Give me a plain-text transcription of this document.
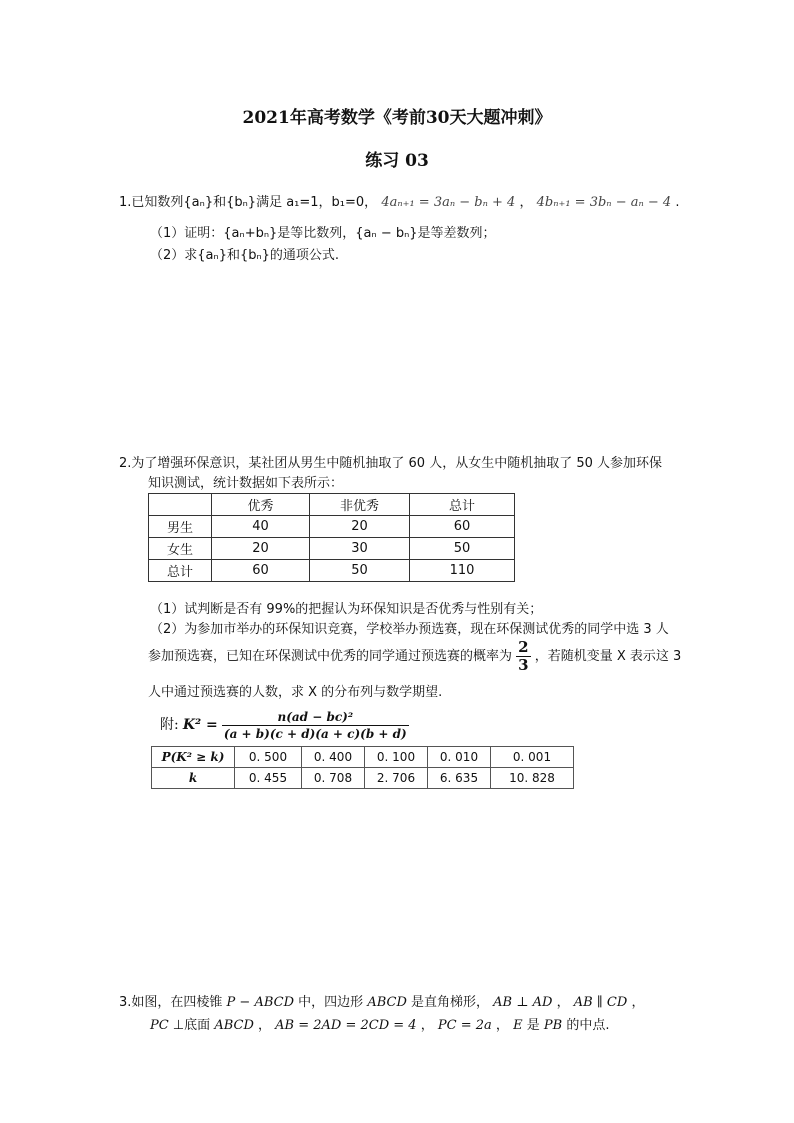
2021年高考数学《考前30天大题冲刺》
练习 03
1.已知数列{aₙ}和{bₙ}满足 a₁=1，b₁=0， 4aₙ₊₁ = 3aₙ − bₙ + 4 ， 4bₙ₊₁ = 3bₙ − aₙ − 4 .
（1）证明：{aₙ+bₙ}是等比数列，{aₙ − bₙ}是等差数列；
（2）求{aₙ}和{bₙ}的通项公式.
2.为了增强环保意识，某社团从男生中随机抽取了 60 人，从女生中随机抽取了 50 人参加环保
知识测试，统计数据如下表所示：
	优秀	非优秀	总计
男生	40	20	60
女生	20	30	50
总计	60	50	110
（1）试判断是否有 99%的把握认为环保知识是否优秀与性别有关；
（2）为参加市举办的环保知识竞赛，学校举办预选赛，现在环保测试优秀的同学中选 3 人
参加预选赛，已知在环保测试中优秀的同学通过预选赛的概率为 $\frac{2}{3}$ ，若随机变量 X 表示这 3
人中通过预选赛的人数，求 X 的分布列与数学期望.
附: $K^2 = \frac{\text{n(ad − bc)²}}{(a + b)(c + d)(a + c)(b + d)}$
P(K² ≥ k)	0. 500	0. 400	0. 100	0. 010	0. 001
k	0. 455	0. 708	2. 706	6. 635	10. 828
3.如图，在四棱锥 P − ABCD 中，四边形 ABCD 是直角梯形， AB ⊥ AD ， AB ∥ CD ，
PC ⊥底面 ABCD ， AB = 2AD = 2CD = 4 ， PC = 2a ， E 是 PB 的中点.
